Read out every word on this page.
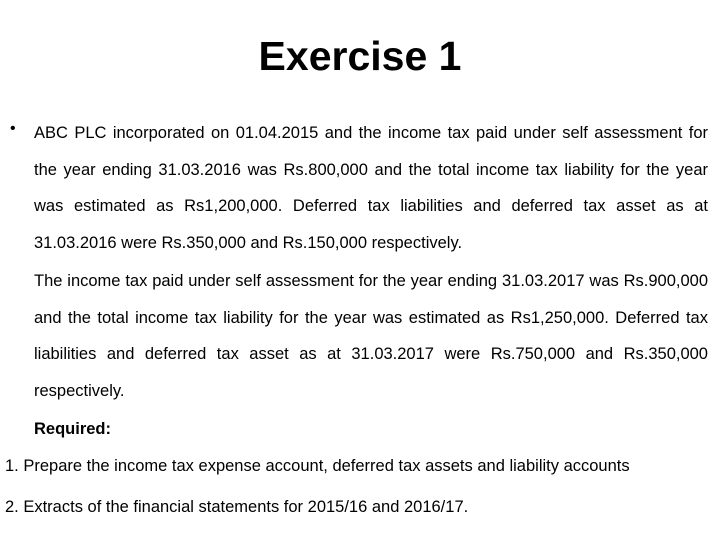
Exercise 1
•	ABC PLC incorporated on 01.04.2015 and the income tax paid under self assessment for the year ending 31.03.2016 was Rs.800,000 and the total income tax liability for the year was estimated as Rs1,200,000. Deferred tax liabilities and deferred tax asset as at 31.03.2016 were Rs.350,000 and Rs.150,000 respectively.

The income tax paid under self assessment for the year ending 31.03.2017 was Rs.900,000 and the total income tax liability for the year was estimated as Rs1,250,000. Deferred tax liabilities and deferred tax asset as at 31.03.2017 were Rs.750,000 and Rs.350,000 respectively.

Required:

1. Prepare the income tax expense account, deferred tax assets and liability accounts

2. Extracts of the financial statements for 2015/16 and 2016/17.
